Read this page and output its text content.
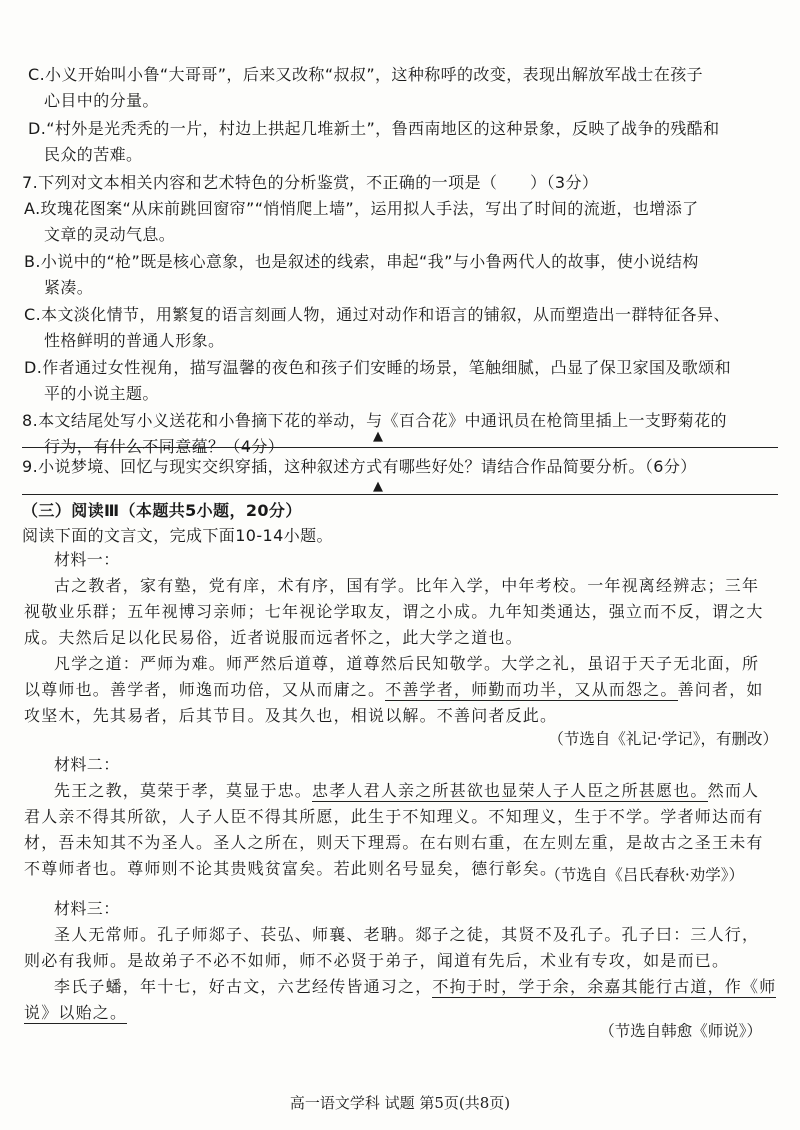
C.小义开始叫小鲁“大哥哥”，后来又改称“叔叔”，这种称呼的改变，表现出解放军战士在孩子
心目中的分量。
D.“村外是光秃秃的一片，村边上拱起几堆新土”，鲁西南地区的这种景象，反映了战争的残酷和
民众的苦难。
7.下列对文本相关内容和艺术特色的分析鉴赏，不正确的一项是（　　）（3分）
A.玫瑰花图案“从床前跳回窗帘”“悄悄爬上墙”，运用拟人手法，写出了时间的流逝，也增添了
文章的灵动气息。
B.小说中的“枪”既是核心意象，也是叙述的线索，串起“我”与小鲁两代人的故事，使小说结构
紧凑。
C.本文淡化情节，用繁复的语言刻画人物，通过对动作和语言的铺叙，从而塑造出一群特征各异、
性格鲜明的普通人形象。
D.作者通过女性视角，描写温馨的夜色和孩子们安睡的场景，笔触细腻，凸显了保卫家国及歌颂和
平的小说主题。
8.本文结尾处写小义送花和小鲁摘下花的举动，与《百合花》中通讯员在枪筒里插上一支野菊花的
行为，有什么不同意蕴？（4分）
▲
9.小说梦境、回忆与现实交织穿插，这种叙述方式有哪些好处？请结合作品简要分析。（6分）
▲
（三）阅读Ⅲ（本题共5小题，20分）
阅读下面的文言文，完成下面10-14小题。
材料一：
古之教者，家有塾，党有庠，术有序，国有学。比年入学，中年考校。一年视离经辨志；三年
视敬业乐群；五年视博习亲师；七年视论学取友，谓之小成。九年知类通达，强立而不反，谓之大
成。夫然后足以化民易俗，近者说服而远者怀之，此大学之道也。
凡学之道：严师为难。师严然后道尊，道尊然后民知敬学。大学之礼，虽诏于天子无北面，所
以尊师也。善学者，师逸而功倍，又从而庸之。不善学者，师勤而功半，又从而怨之。善问者，如
攻坚木，先其易者，后其节目。及其久也，相说以解。不善问者反此。
（节选自《礼记·学记》，有删改）
材料二：
先王之教，莫荣于孝，莫显于忠。忠孝人君人亲之所甚欲也显荣人子人臣之所甚愿也。然而人
君人亲不得其所欲，人子人臣不得其所愿，此生于不知理义。不知理义，生于不学。学者师达而有
材，吾未知其不为圣人。圣人之所在，则天下理焉。在右则右重，在左则左重，是故古之圣王未有
不尊师者也。尊师则不论其贵贱贫富矣。若此则名号显矣，德行彰矣。
（节选自《吕氏春秋·劝学》）
材料三：
圣人无常师。孔子师郯子、苌弘、师襄、老聃。郯子之徒，其贤不及孔子。孔子曰：三人行，
则必有我师。是故弟子不必不如师，师不必贤于弟子，闻道有先后，术业有专攻，如是而已。
李氏子蟠，年十七，好古文，六艺经传皆通习之，不拘于时，学于余，余嘉其能行古道，作《师
说》以贻之。
（节选自韩愈《师说》）
高一语文学科 试题 第5页(共8页)
